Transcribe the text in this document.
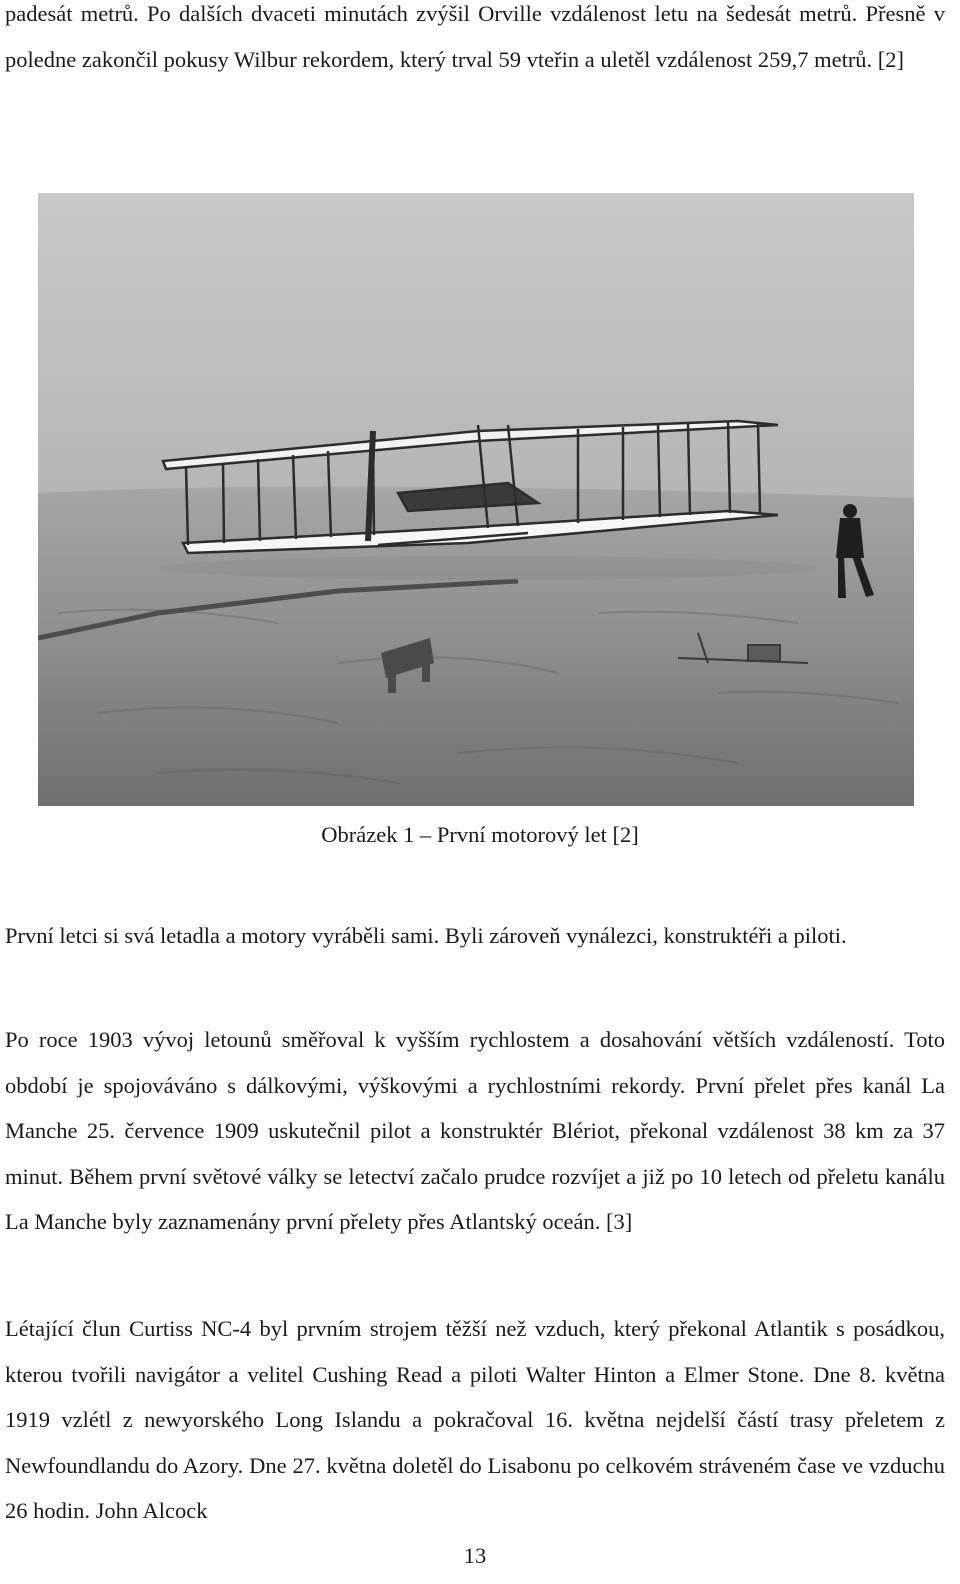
padesát metrů. Po dalších dvaceti minutách zvýšil Orville vzdálenost letu na šedesát metrů. Přesně v poledne zakončil pokusy Wilbur rekordem, který trval 59 vteřin a uletěl vzdálenost 259,7 metrů. [2]

Obrázek 1 – První motorový let [2]

První letci si svá letadla a motory vyráběli sami. Byli zároveň vynálezci, konstruktéři a piloti.

Po roce 1903 vývoj letounů směřoval k vyšším rychlostem a dosahování větších vzdáleností. Toto období je spojováváno s dálkovými, výškovými a rychlostními rekordy. První přelet přes kanál La Manche 25. července 1909 uskutečnil pilot a konstruktér Blériot, překonal vzdálenost 38 km za 37 minut. Během první světové války se letectví začalo prudce rozvíjet a již po 10 letech od přeletu kanálu La Manche byly zaznamenány první přelety přes Atlantský oceán. [3]

Létající člun Curtiss NC-4 byl prvním strojem těžší než vzduch, který překonal Atlantik s posádkou, kterou tvořili navigátor a velitel Cushing Read a piloti Walter Hinton a Elmer Stone. Dne 8. května 1919 vzlétl z newyorského Long Islandu a pokračoval 16. května nejdelší částí trasy přeletem z Newfoundlandu do Azory. Dne 27. května doletěl do Lisabonu po celkovém stráveném čase ve vzduchu 26 hodin. John Alcock

13
